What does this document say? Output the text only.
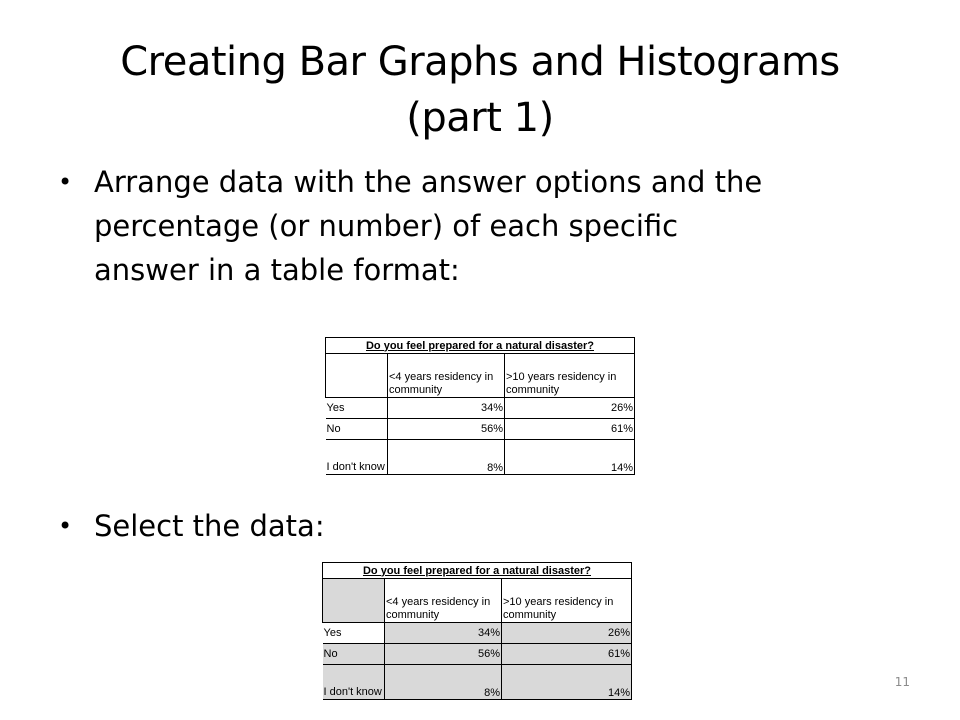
Creating Bar Graphs and Histograms
(part 1)
• Arrange data with the answer options and the
percentage (or number) of each specific
answer in a table format:
Do you feel prepared for a natural disaster?		
	<4 years residency in community	>10 years residency in community
Yes	34%	26%
No	56%	61%
I don't know	8%	14%
• Select the data:
Do you feel prepared for a natural disaster?		
	<4 years residency in community	>10 years residency in community
Yes	34%	26%
No	56%	61%
I don't know	8%	14%
11
